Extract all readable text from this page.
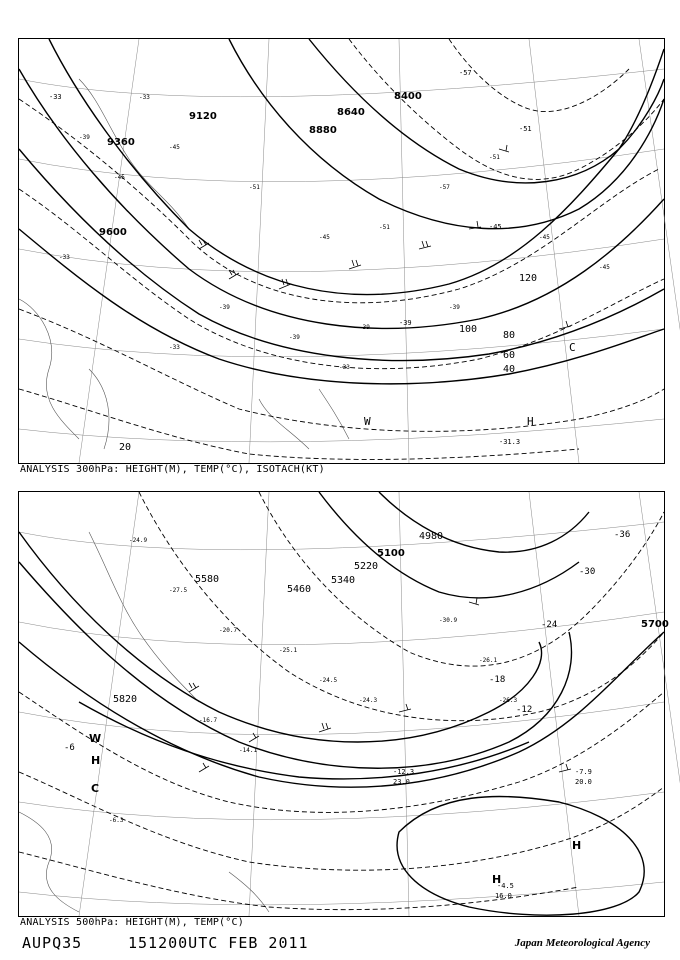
-39
-45
-45
-51
-45
-51
-57
-51
-45
-39
-39
-39
-39
-45
-33
-33
-33
-33
8400
8640
8880
9120
9360
9600
20
40
60
80
100
120
-31.3
-33
-39
-45
-51
-57
H
W
C
ANALYSIS 300hPa: HEIGHT(M), TEMP(°C), ISOTACH(KT)
-24.9
-27.5
-20.7
-25.1
-24.5
-24.3
-30.9
-26.1
-26.3
-16.7
-14.1
-6.3
4980
5100
5220
5340
5460
5580
5700
5820
-6
-12
-18
-24
-30
-36
H
H
H
W
C
-4.5
16.0
-7.9
20.0
-12.3
23.0
ANALYSIS 500hPa: HEIGHT(M), TEMP(°C)
AUPQ35	151200UTC FEB 2011	Japan Meteorological Agency
